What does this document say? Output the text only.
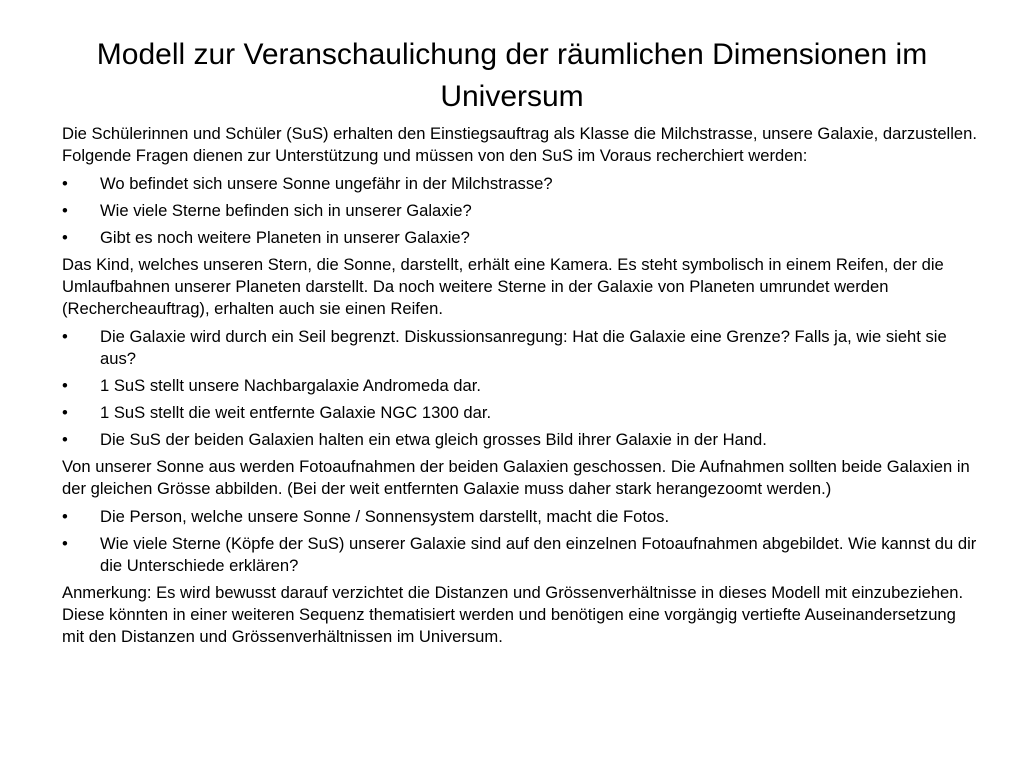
Modell zur Veranschaulichung der räumlichen Dimensionen im Universum

Die Schülerinnen und Schüler (SuS) erhalten den Einstiegsauftrag als Klasse die Milchstrasse, unsere Galaxie, darzustellen.
Folgende Fragen dienen zur Unterstützung und müssen von den SuS im Voraus recherchiert werden:

•	Wo befindet sich unsere Sonne ungefähr in der Milchstrasse?
•	Wie viele Sterne befinden sich in unserer Galaxie?
•	Gibt es noch weitere Planeten in unserer Galaxie?

Das Kind, welches unseren Stern, die Sonne, darstellt, erhält eine Kamera. Es steht symbolisch in einem Reifen, der die Umlaufbahnen unserer Planeten darstellt. Da noch weitere Sterne in der Galaxie von Planeten umrundet werden (Rechercheauftrag), erhalten auch sie einen Reifen.

•	Die Galaxie wird durch ein Seil begrenzt. Diskussionsanregung: Hat die Galaxie eine Grenze? Falls ja, wie sieht sie aus?
•	1 SuS stellt unsere Nachbargalaxie Andromeda dar.
•	1 SuS stellt die weit entfernte Galaxie NGC 1300 dar.
•	Die SuS der beiden Galaxien halten ein etwa gleich grosses Bild ihrer Galaxie in der Hand.

Von unserer Sonne aus werden Fotoaufnahmen der beiden Galaxien geschossen. Die Aufnahmen sollten beide Galaxien in der gleichen Grösse abbilden. (Bei der weit entfernten Galaxie muss daher stark herangezoomt werden.)

•	Die Person, welche unsere Sonne / Sonnensystem darstellt, macht die Fotos.
•	Wie viele Sterne (Köpfe der SuS) unserer Galaxie sind auf den einzelnen Fotoaufnahmen abgebildet. Wie kannst du dir die Unterschiede erklären?

Anmerkung: Es wird bewusst darauf verzichtet die Distanzen und Grössenverhältnisse in dieses Modell mit einzubeziehen. Diese könnten in einer weiteren Sequenz thematisiert werden und benötigen eine vorgängig vertiefte Auseinandersetzung mit den Distanzen und Grössenverhältnissen im Universum.
